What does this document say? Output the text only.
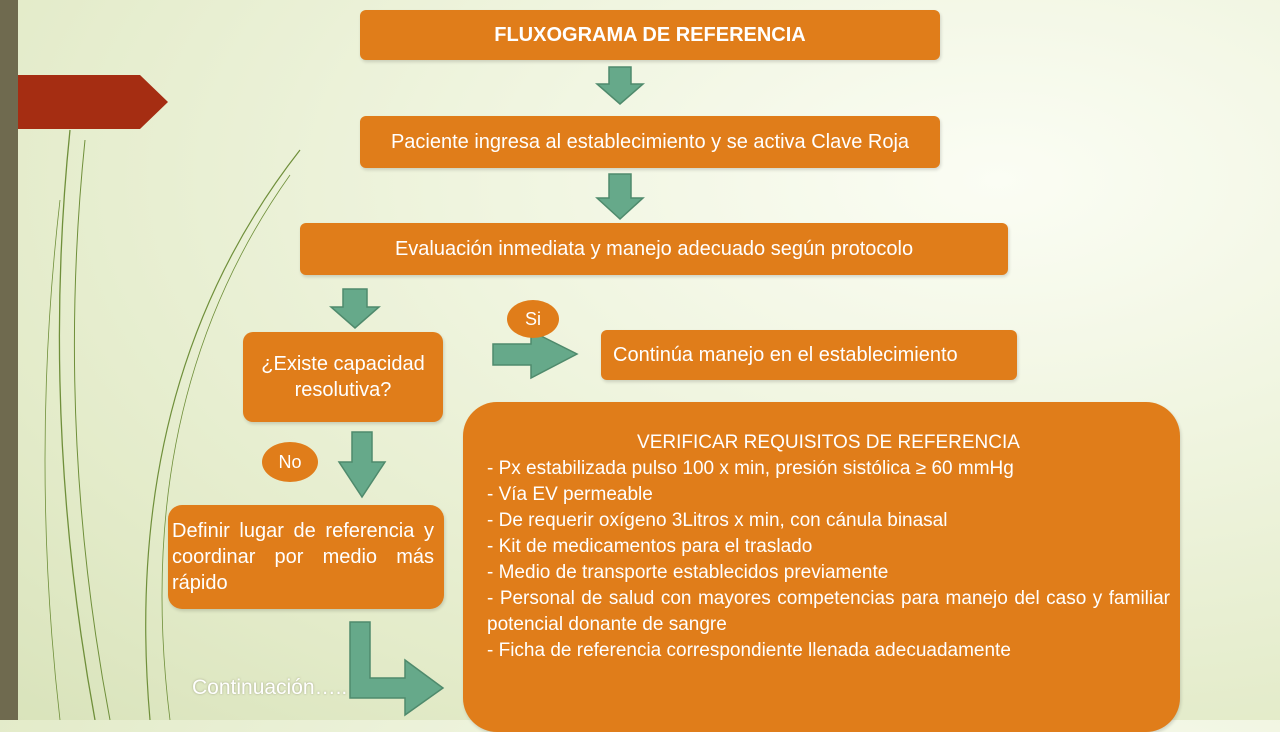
FLUXOGRAMA DE REFERENCIA
Paciente ingresa al establecimiento y se activa Clave Roja
Evaluación inmediata y manejo adecuado según protocolo
¿Existe capacidad resolutiva?
Si
Continúa manejo en el establecimiento
No
Definir lugar de referencia y coordinar por medio más rápido
VERIFICAR REQUISITOS DE REFERENCIA
- Px estabilizada pulso 100 x min, presión sistólica ≥ 60 mmHg
- Vía EV permeable
- De requerir oxígeno 3Litros x min, con cánula binasal
- Kit de medicamentos para el traslado
- Medio de transporte establecidos previamente
- Personal de salud con mayores competencias para manejo del caso y familiar potencial donante de sangre
- Ficha de referencia correspondiente llenada adecuadamente
Continuación…..
